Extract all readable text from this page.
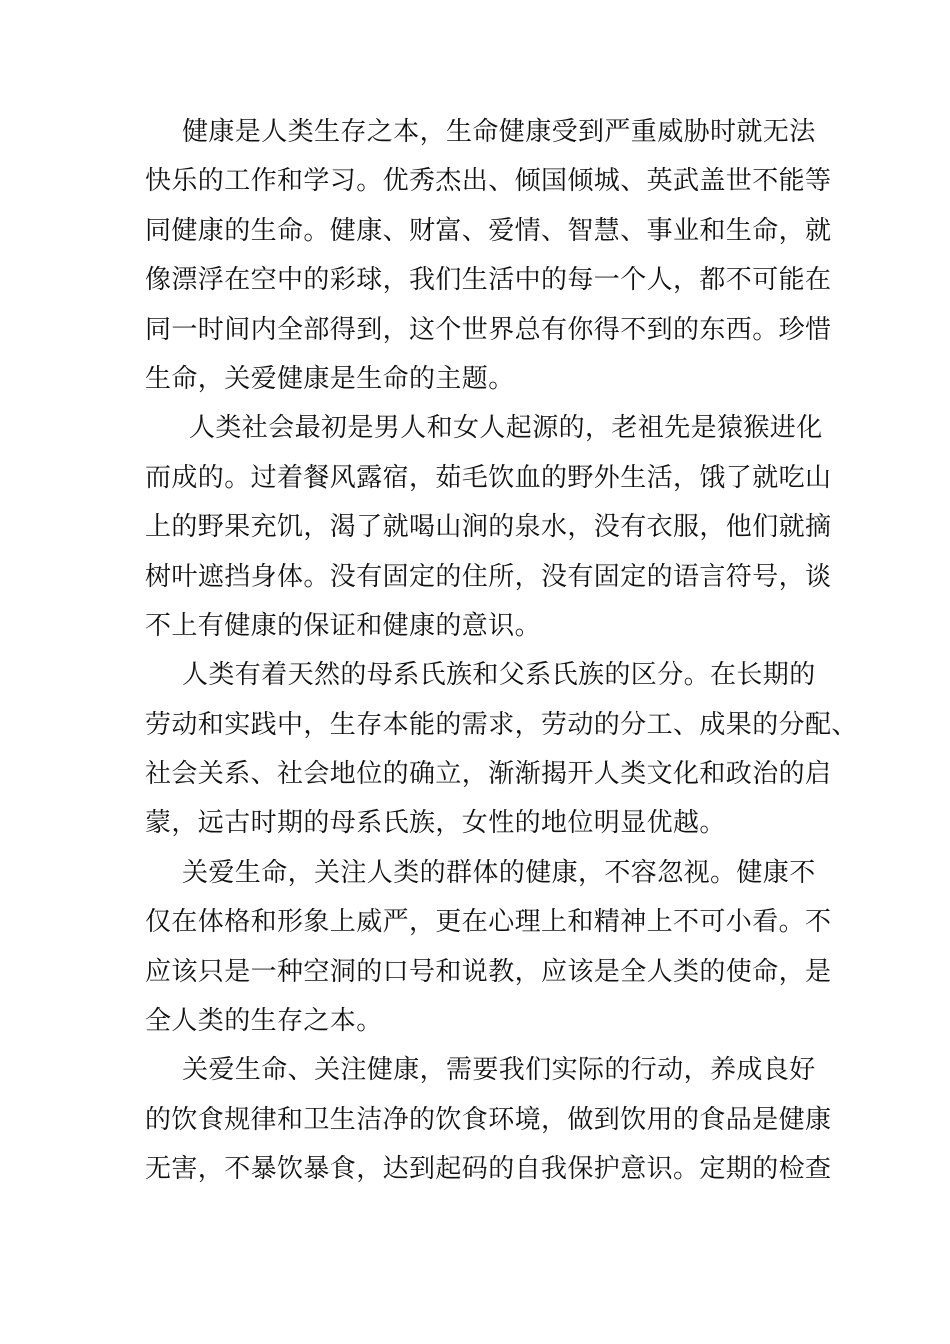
健康是人类生存之本，生命健康受到严重威胁时就无法
快乐的工作和学习。优秀杰出、倾国倾城、英武盖世不能等
同健康的生命。健康、财富、爱情、智慧、事业和生命，就
像漂浮在空中的彩球，我们生活中的每一个人，都不可能在
同一时间内全部得到，这个世界总有你得不到的东西。珍惜
生命，关爱健康是生命的主题。

人类社会最初是男人和女人起源的，老祖先是猿猴进化
而成的。过着餐风露宿，茹毛饮血的野外生活，饿了就吃山
上的野果充饥，渴了就喝山涧的泉水，没有衣服，他们就摘
树叶遮挡身体。没有固定的住所，没有固定的语言符号，谈
不上有健康的保证和健康的意识。

人类有着天然的母系氏族和父系氏族的区分。在长期的
劳动和实践中，生存本能的需求，劳动的分工、成果的分配、
社会关系、社会地位的确立，渐渐揭开人类文化和政治的启
蒙，远古时期的母系氏族，女性的地位明显优越。

关爱生命，关注人类的群体的健康，不容忽视。健康不
仅在体格和形象上威严，更在心理上和精神上不可小看。不
应该只是一种空洞的口号和说教，应该是全人类的使命，是
全人类的生存之本。

关爱生命、关注健康，需要我们实际的行动，养成良好
的饮食规律和卫生洁净的饮食环境，做到饮用的食品是健康
无害，不暴饮暴食，达到起码的自我保护意识。定期的检查
